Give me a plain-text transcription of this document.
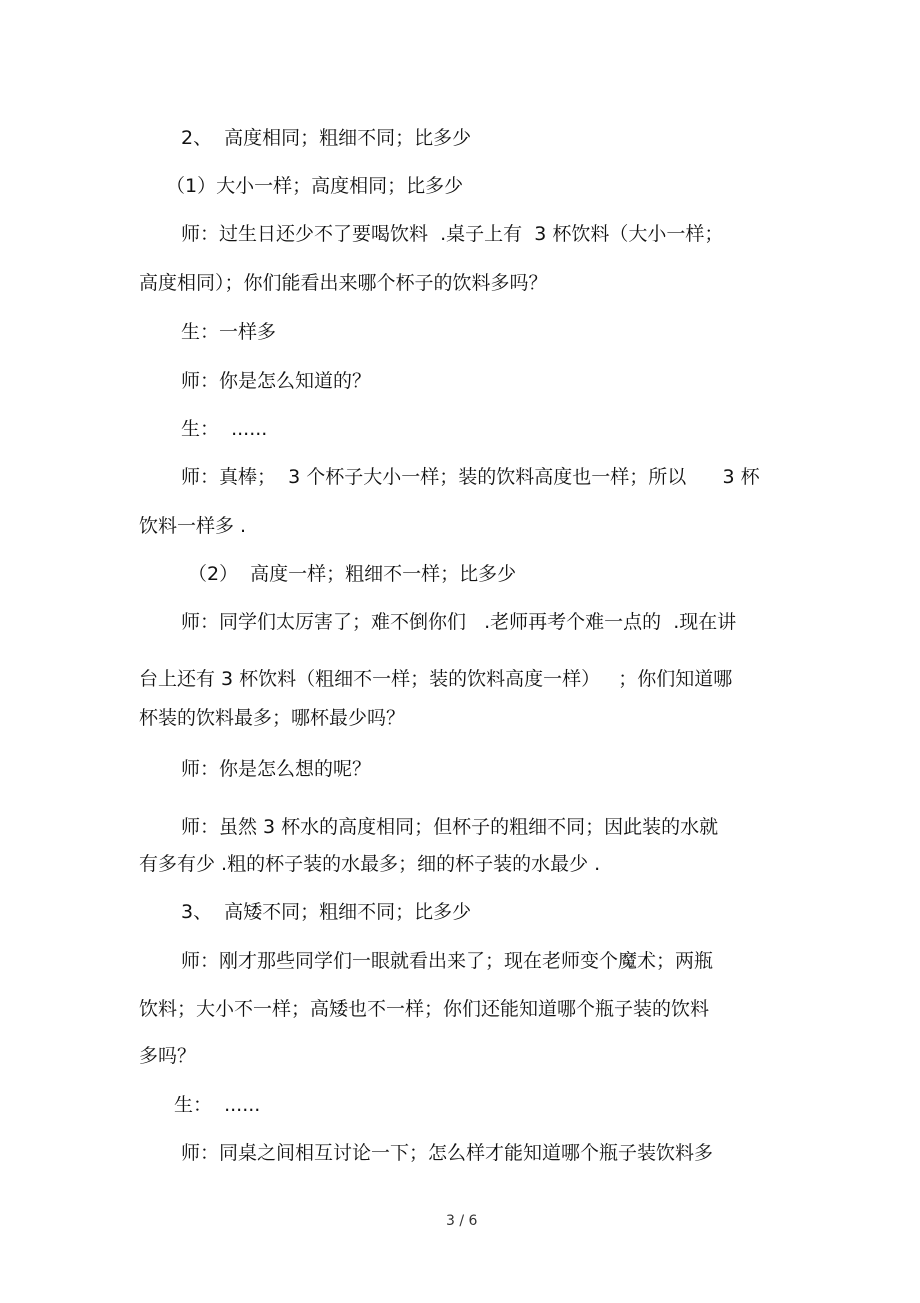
2、  高度相同；粗细不同；比多少
（1）大小一样；高度相同；比多少
师：过生日还少不了要喝饮料  .桌子上有  3 杯饮料（大小一样；
高度相同）；你们能看出来哪个杯子的饮料多吗？
生：一样多
师：你是怎么知道的？
生：  ......
师：真棒；  3 个杯子大小一样；装的饮料高度也一样；所以      3 杯
饮料一样多 .
（2）  高度一样；粗细不一样；比多少
师：同学们太厉害了；难不倒你们   .老师再考个难一点的  .现在讲
台上还有 3 杯饮料（粗细不一样；装的饮料高度一样）   ；你们知道哪
杯装的饮料最多；哪杯最少吗？
师：你是怎么想的呢？
师：虽然 3 杯水的高度相同；但杯子的粗细不同；因此装的水就
有多有少 .粗的杯子装的水最多；细的杯子装的水最少 .
3、  高矮不同；粗细不同；比多少
师：刚才那些同学们一眼就看出来了；现在老师变个魔术；两瓶
饮料；大小不一样；高矮也不一样；你们还能知道哪个瓶子装的饮料
多吗？
生：  ......
师：同桌之间相互讨论一下；怎么样才能知道哪个瓶子装饮料多
3 / 6
